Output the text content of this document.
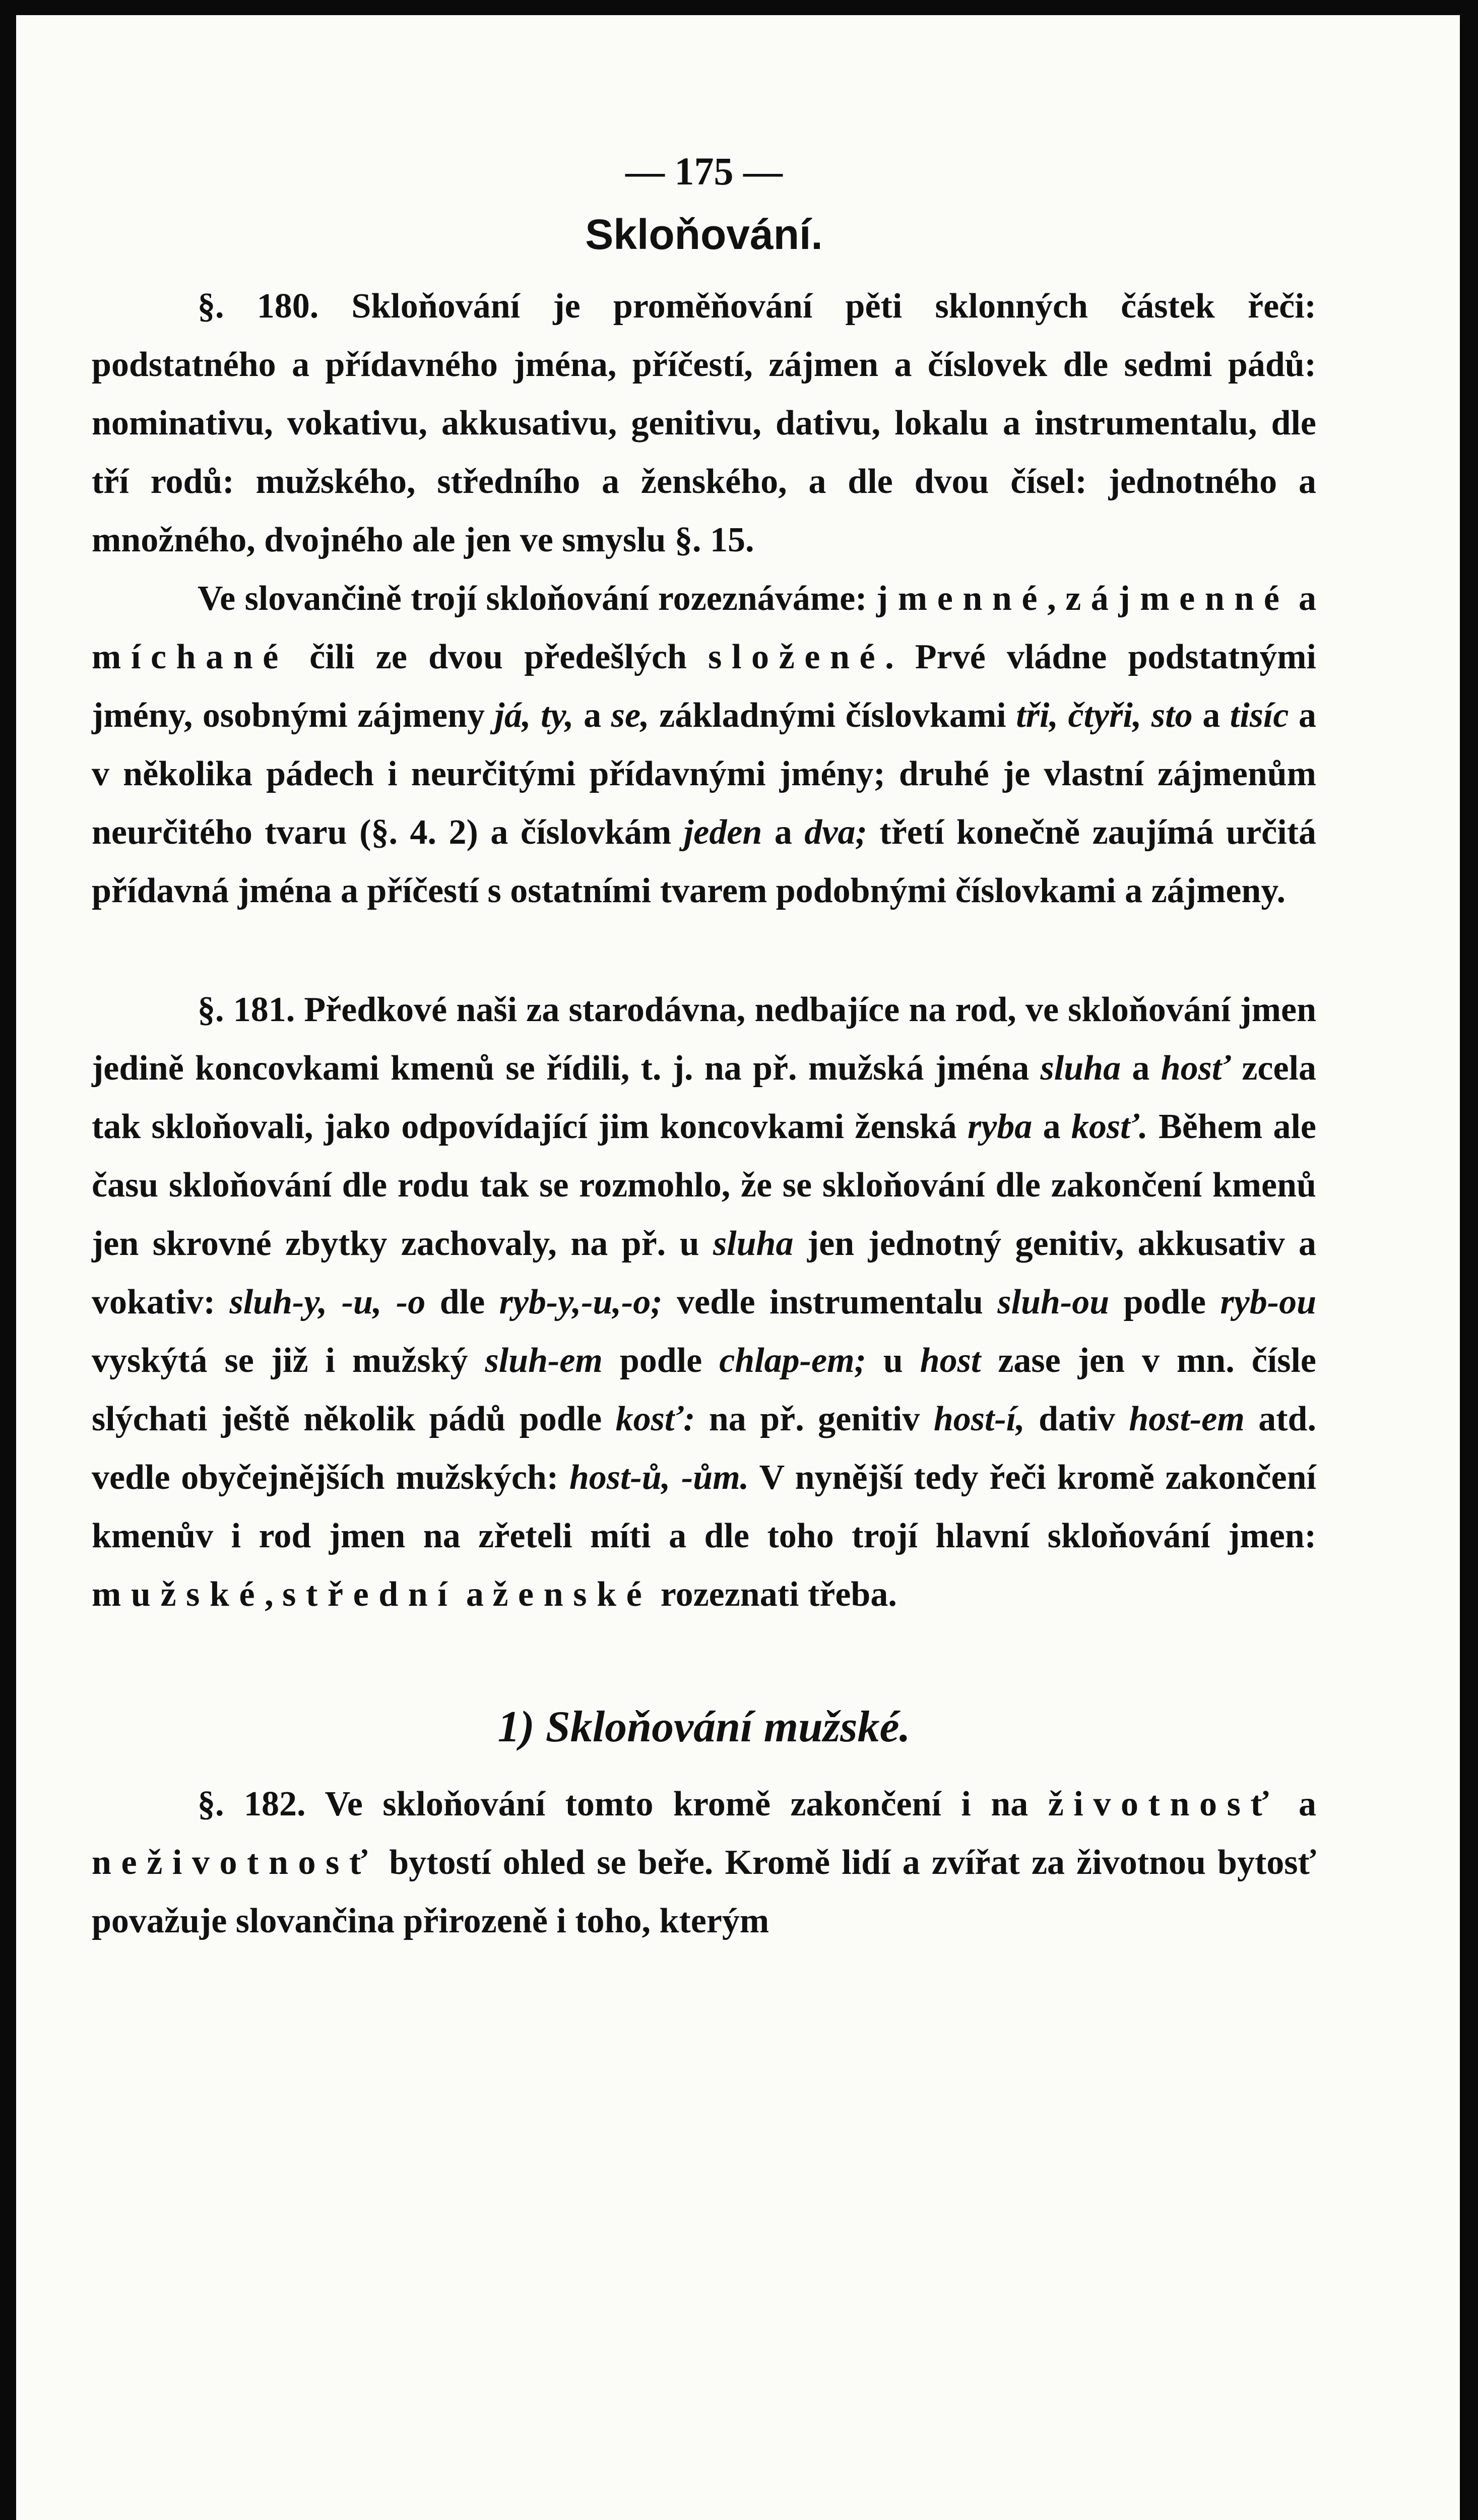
— 175 —
Skloňování.

§. 180. Skloňování je proměňování pěti sklonných částek řeči: podstatného a přídavného jména, příčestí, zájmen a číslovek dle sedmi pádů: nominativu, vokativu, akkusativu, genitivu, dativu, lokalu a instrumentalu, dle tří rodů: mužského, středního a ženského, a dle dvou čísel: jednotného a množného, dvojného ale jen ve smyslu §. 15.

Ve slovančině trojí skloňování rozeznáváme: jmenné, zájmenné a míchané čili ze dvou předešlých složené. Prvé vládne podstatnými jmény, osobnými zájmeny já, ty, a se, základnými číslovkami tři, čtyři, sto a tisíc a v několika pádech i neurčitými přídavnými jmény; druhé je vlastní zájmenům neurčitého tvaru (§. 4. 2) a číslovkám jeden a dva; třetí konečně zaujímá určitá přídavná jména a příčestí s ostatními tvarem podobnými číslovkami a zájmeny.

§. 181. Předkové naši za starodávna, nedbajíce na rod, ve skloňování jmen jedině koncovkami kmenů se řídili, t. j. na př. mužská jména sluha a hosť zcela tak skloňovali, jako odpovídající jim koncovkami ženská ryba a kosť. Během ale času skloňování dle rodu tak se rozmohlo, že se skloňování dle zakončení kmenů jen skrovné zbytky zachovaly, na př. u sluha jen jednotný genitiv, akkusativ a vokativ: sluh-y, -u, -o dle ryb-y,-u,-o; vedle instrumentalu sluh-ou podle ryb-ou vyskýtá se již i mužský sluh-em podle chlap-em; u host zase jen v mn. čísle slýchati ještě několik pádů podle kosť: na př. genitiv host-í, dativ host-em atd. vedle obyčejnějších mužských: host-ů, -ům. V nynější tedy řeči kromě zakončení kmenův i rod jmen na zřeteli míti a dle toho trojí hlavní skloňování jmen: mužské, střední a ženské rozeznati třeba.

1) Skloňování mužské.

§. 182. Ve skloňování tomto kromě zakončení i na životnosť a neživotnosť bytostí ohled se beře. Kromě lidí a zvířat za životnou bytosť považuje slovančina přirozeně i toho, kterým
